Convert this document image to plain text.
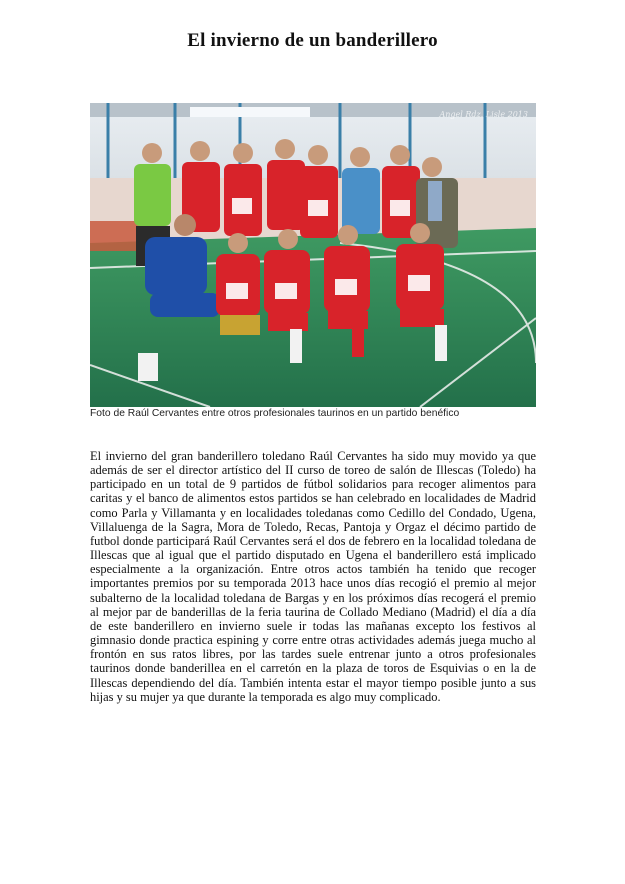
El invierno de un banderillero
Angel Rdz. Lisle 2013
Foto de Raúl Cervantes entre otros profesionales taurinos en un partido benéfico
El invierno del gran banderillero toledano Raúl Cervantes ha sido muy movido ya que además de ser el director artístico del II curso de toreo de salón de Illescas (Toledo) ha participado en un total de 9 partidos de fútbol solidarios para recoger alimentos para caritas y el banco de alimentos estos partidos se han celebrado en localidades de Madrid como Parla y Villamanta y en localidades toledanas como Cedillo del Condado, Ugena, Villaluenga de la Sagra, Mora de Toledo, Recas, Pantoja y Orgaz el décimo partido de futbol donde participará Raúl Cervantes será el dos de febrero en la localidad toledana de Illescas que al igual que el partido disputado en Ugena el banderillero está implicado especialmente a la organización. Entre otros actos también ha tenido que recoger importantes premios por su temporada 2013 hace unos días recogió el premio al mejor subalterno de la localidad toledana de Bargas y en los próximos días recogerá el premio al mejor par de banderillas de la feria taurina de Collado Mediano (Madrid) el día a día de este banderillero en invierno suele ir todas las mañanas excepto los festivos al gimnasio donde practica espining y corre entre otras actividades además juega mucho al frontón en sus ratos libres, por las tardes suele entrenar junto a otros profesionales taurinos donde banderillea en el carretón en la plaza de toros de Esquivias o en la de Illescas dependiendo del día. También intenta estar el mayor tiempo posible junto a sus hijas y su mujer ya que durante la temporada es algo muy complicado.
